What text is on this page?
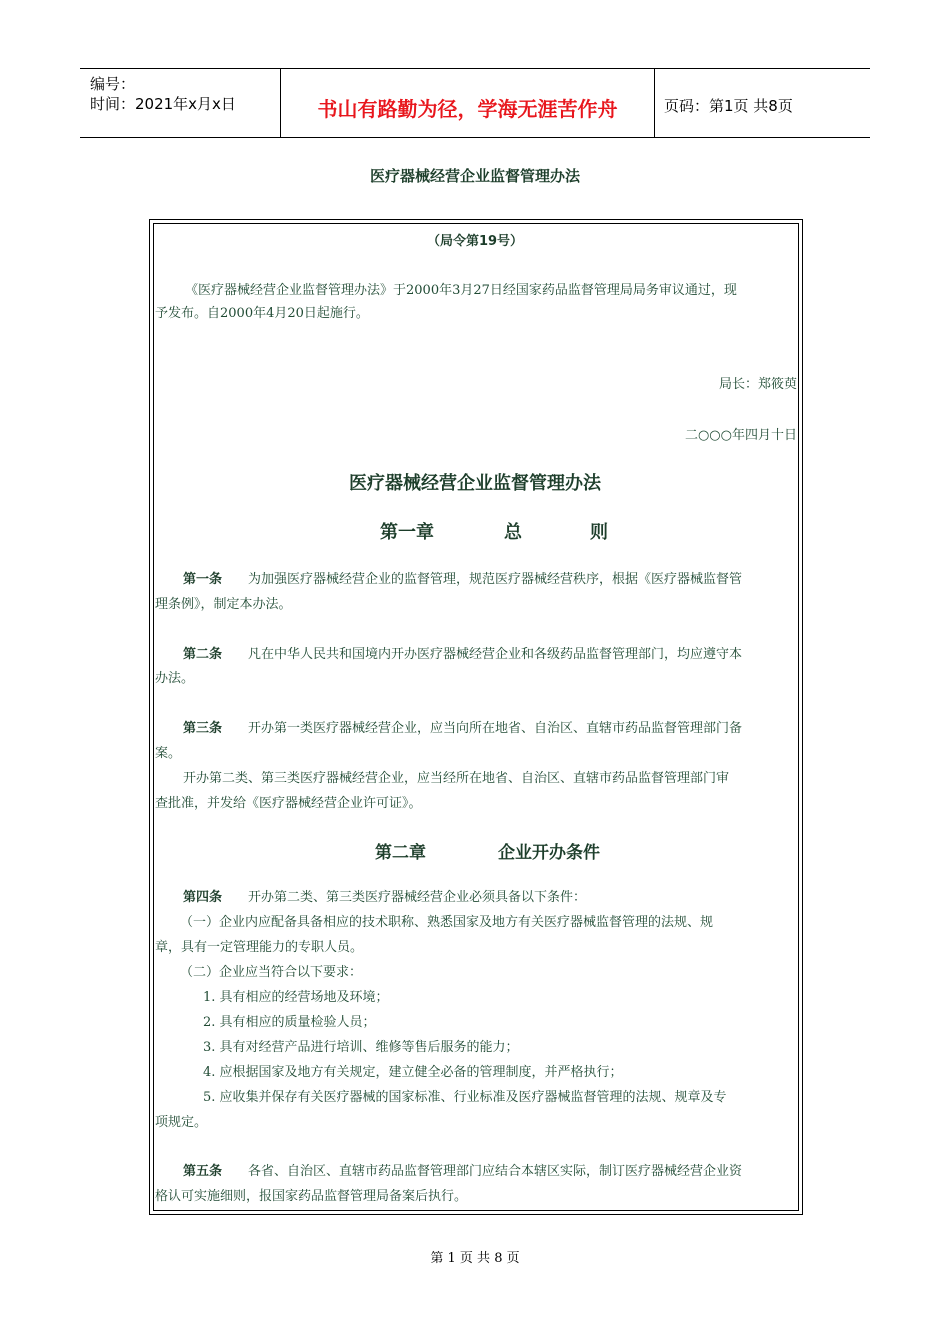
编号：
时间：2021年x月x日	书山有路勤为径，学海无涯苦作舟	页码：第1页 共8页
医疗器械经营企业监督管理办法
（局令第19号）
《医疗器械经营企业监督管理办法》于2000年3月27日经国家药品监督管理局局务审议通过，现
予发布。自2000年4月20日起施行。
局长：郑筱萸
二○○○年四月十日
医疗器械经营企业监督管理办法
第一章	总	则
第一条 为加强医疗器械经营企业的监督管理，规范医疗器械经营秩序，根据《医疗器械监督管
理条例》，制定本办法。
第二条 凡在中华人民共和国境内开办医疗器械经营企业和各级药品监督管理部门，均应遵守本
办法。
第三条 开办第一类医疗器械经营企业，应当向所在地省、自治区、直辖市药品监督管理部门备
案。
开办第二类、第三类医疗器械经营企业，应当经所在地省、自治区、直辖市药品监督管理部门审
查批准，并发给《医疗器械经营企业许可证》。
第二章	企业开办条件
第四条 开办第二类、第三类医疗器械经营企业必须具备以下条件：
（一）企业内应配备具备相应的技术职称、熟悉国家及地方有关医疗器械监督管理的法规、规
章，具有一定管理能力的专职人员。
（二）企业应当符合以下要求：
1. 具有相应的经营场地及环境；
2. 具有相应的质量检验人员；
3. 具有对经营产品进行培训、维修等售后服务的能力；
4. 应根据国家及地方有关规定，建立健全必备的管理制度，并严格执行；
5. 应收集并保存有关医疗器械的国家标准、行业标准及医疗器械监督管理的法规、规章及专
项规定。
第五条 各省、自治区、直辖市药品监督管理部门应结合本辖区实际，制订医疗器械经营企业资
格认可实施细则，报国家药品监督管理局备案后执行。
第 1 页 共 8 页
